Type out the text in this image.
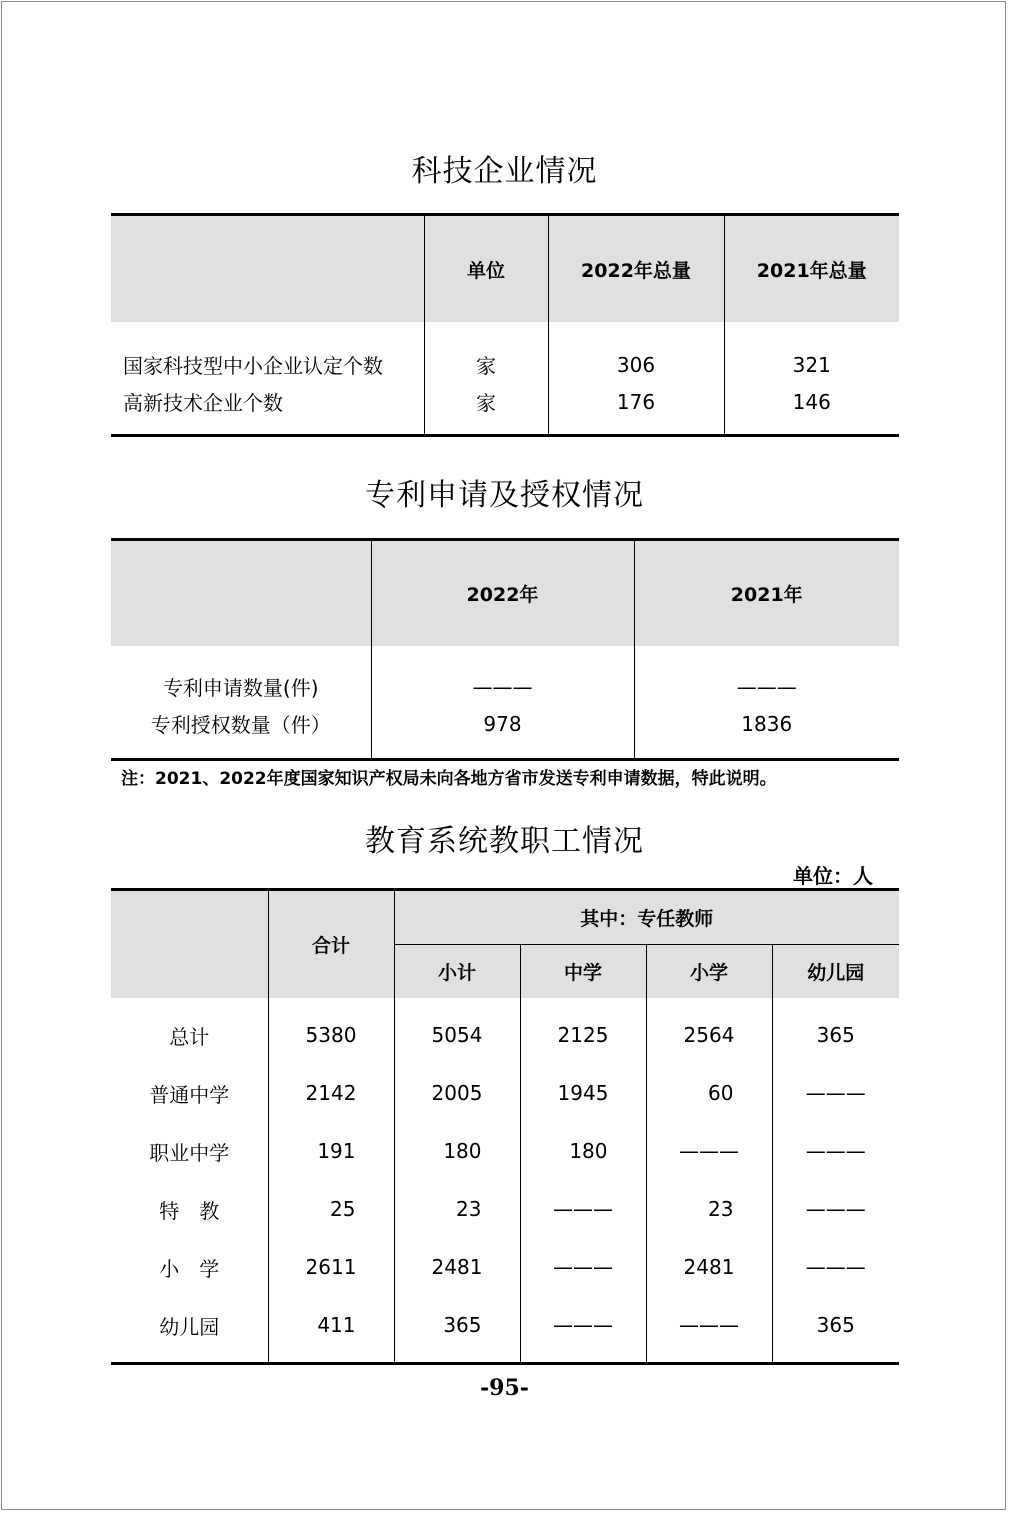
科技企业情况
	单位	2022年总量	2021年总量
国家科技型中小企业认定个数	家	306	321
高新技术企业个数	家	176	146
专利申请及授权情况
	2022年	2021年
专利申请数量(件)	———	———
专利授权数量（件）	978	1836
注：2021、2022年度国家知识产权局未向各地方省市发送专利申请数据，特此说明。
教育系统教职工情况
单位：人
	合计	其中：专任教师			
		小计	中学	小学	幼儿园
总计	5380	5054	2125	2564	365
普通中学	2142	2005	1945	60	———
职业中学	191	180	180	———	———
特　教	25	23	———	23	———
小　学	2611	2481	———	2481	———
幼儿园	411	365	———	———	365
-95-
